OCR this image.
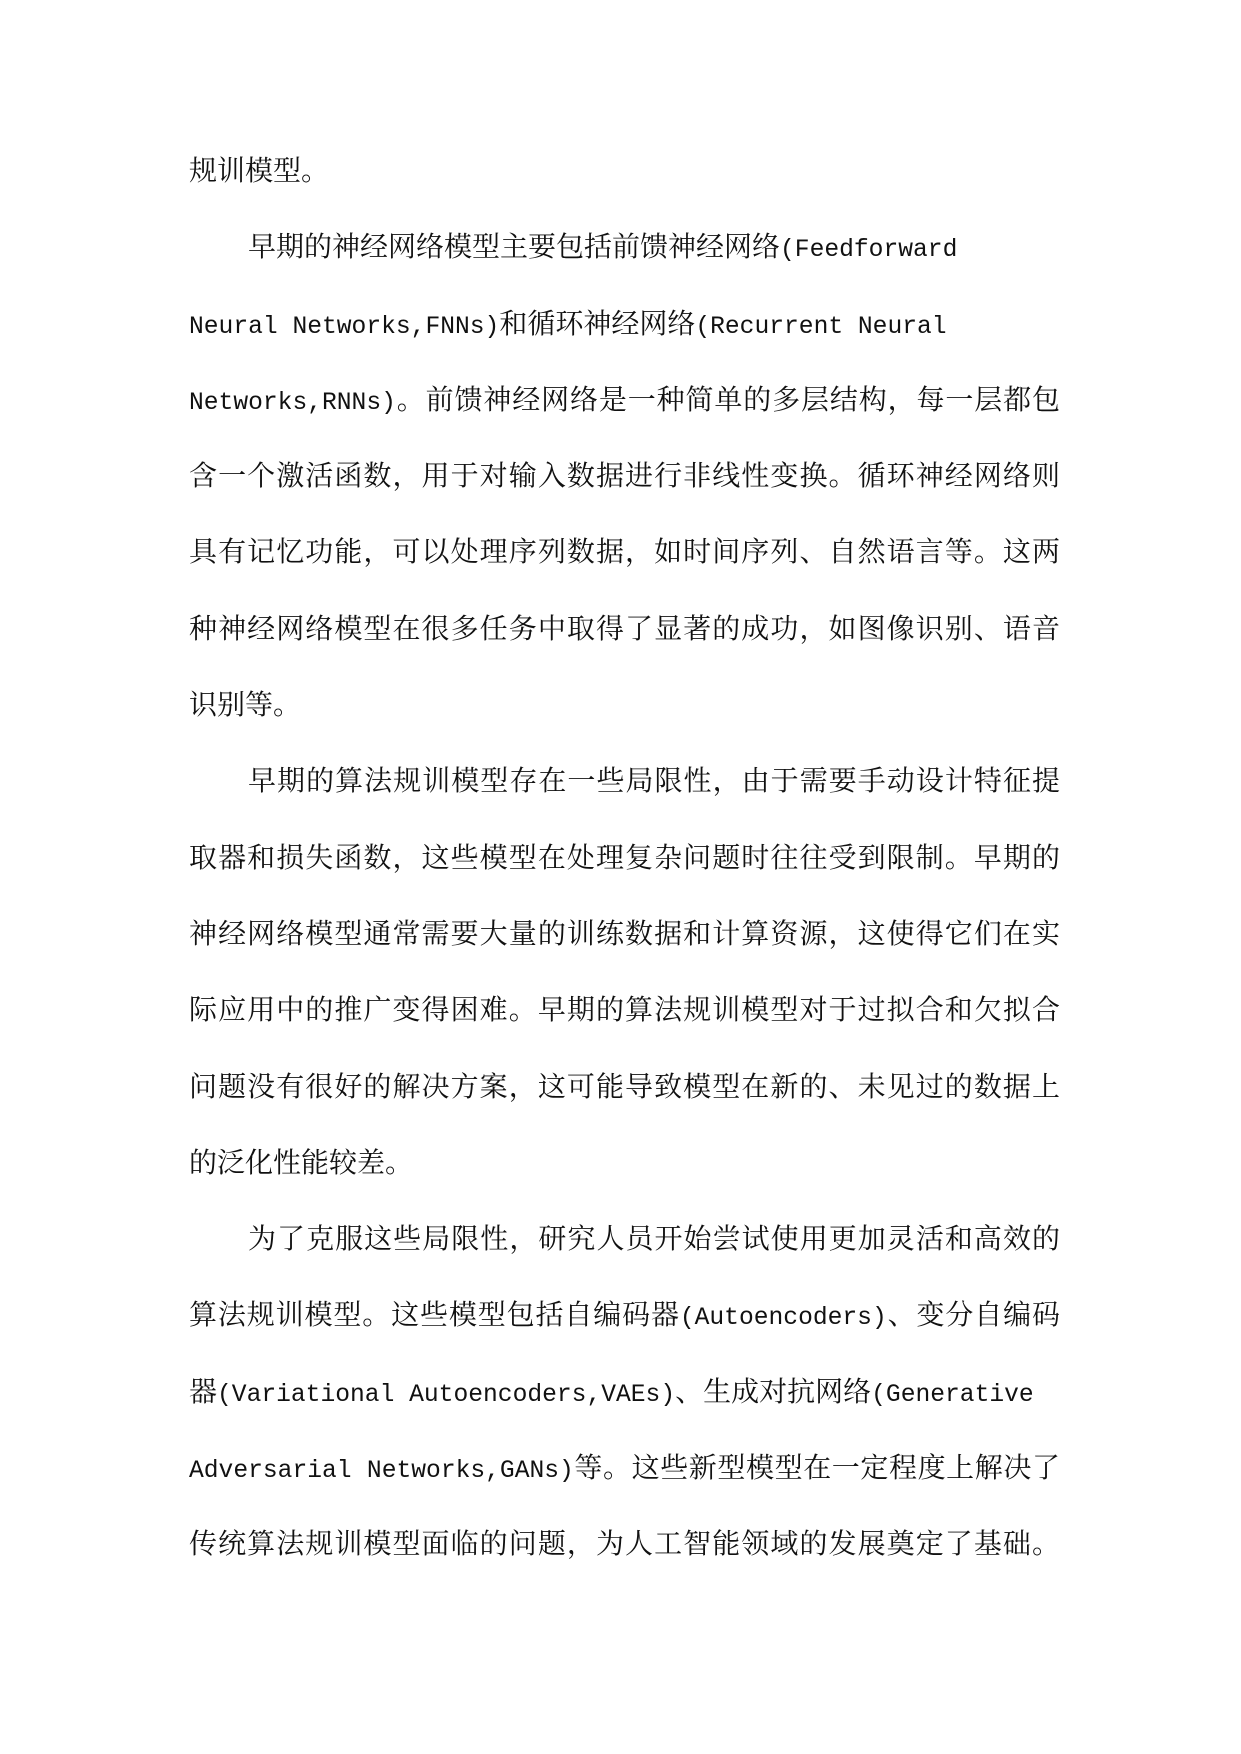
规训模型。
早期的神经网络模型主要包括前馈神经网络(Feedforward
Neural Networks,FNNs)和循环神经网络(Recurrent Neural
Networks,RNNs)。前馈神经网络是一种简单的多层结构，每一层都包
含一个激活函数，用于对输入数据进行非线性变换。循环神经网络则
具有记忆功能，可以处理序列数据，如时间序列、自然语言等。这两
种神经网络模型在很多任务中取得了显著的成功，如图像识别、语音
识别等。
早期的算法规训模型存在一些局限性，由于需要手动设计特征提
取器和损失函数，这些模型在处理复杂问题时往往受到限制。早期的
神经网络模型通常需要大量的训练数据和计算资源，这使得它们在实
际应用中的推广变得困难。早期的算法规训模型对于过拟合和欠拟合
问题没有很好的解决方案，这可能导致模型在新的、未见过的数据上
的泛化性能较差。
为了克服这些局限性，研究人员开始尝试使用更加灵活和高效的
算法规训模型。这些模型包括自编码器(Autoencoders)、变分自编码
器(Variational Autoencoders,VAEs)、生成对抗网络(Generative
Adversarial Networks,GANs)等。这些新型模型在一定程度上解决了
传统算法规训模型面临的问题，为人工智能领域的发展奠定了基础。
